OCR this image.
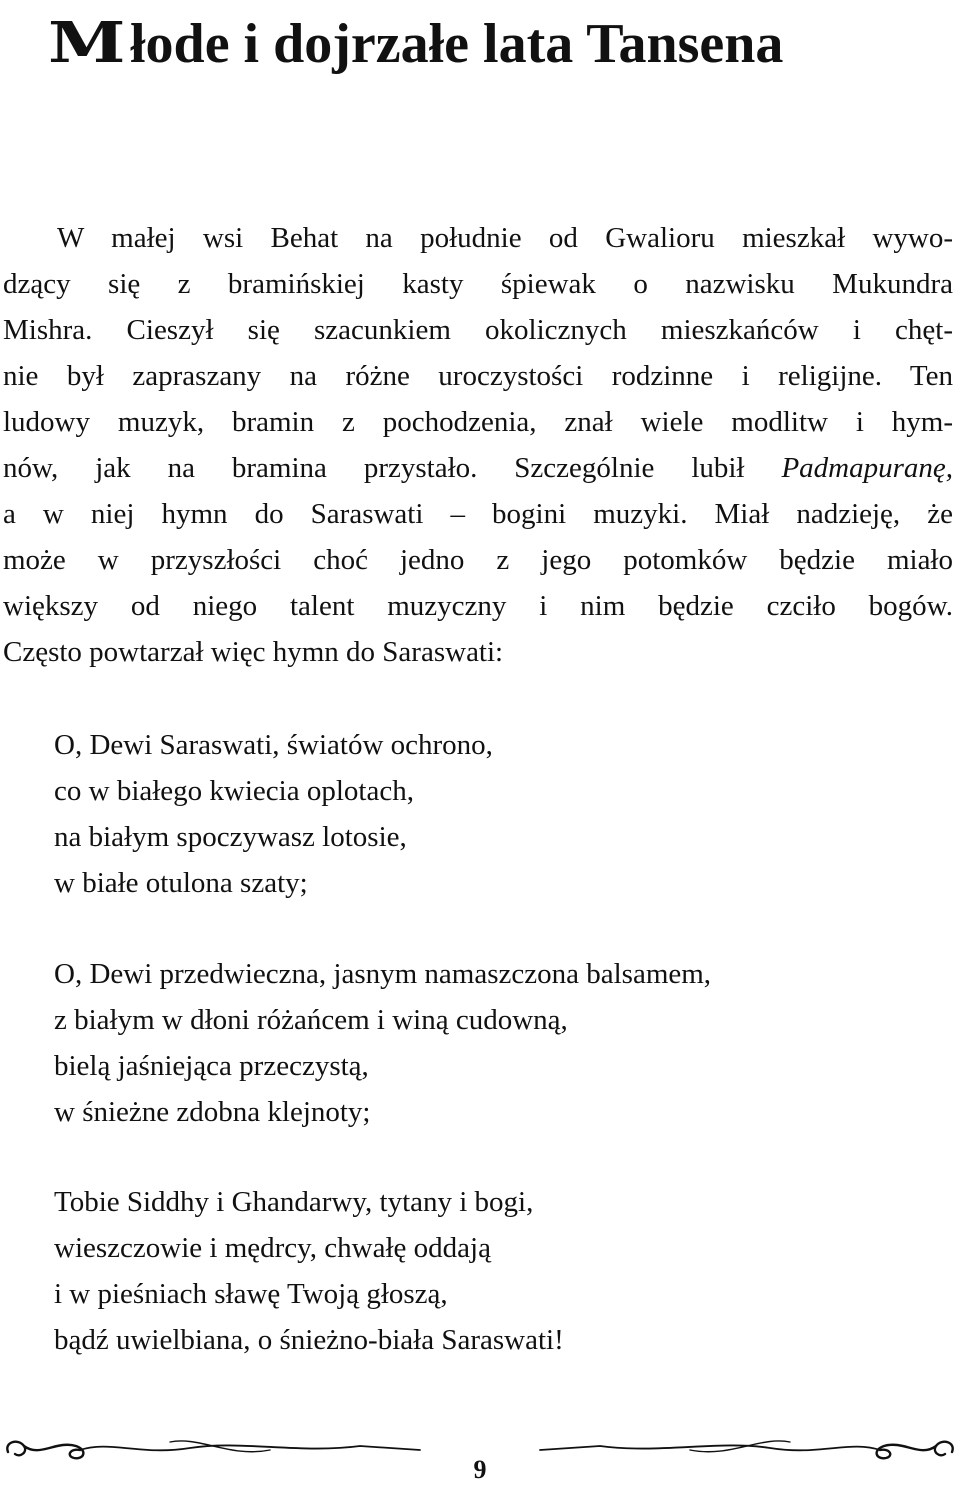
M łode i dojrzałe lata Tansena

W małej wsi Behat na południe od Gwalioru mieszkał wywo-

dzący się z bramińskiej kasty śpiewak o nazwisku Mukundra

Mishra. Cieszył się szacunkiem okolicznych mieszkańców i chęt-

nie był zapraszany na różne uroczystości rodzinne i religijne. Ten

ludowy muzyk, bramin z pochodzenia, znał wiele modlitw i hym-

nów, jak na bramina przystało. Szczególnie lubił Padmapuranę,

a w niej hymn do Saraswati – bogini muzyki. Miał nadzieję, że

może w przyszłości choć jedno z jego potomków będzie miało

większy od niego talent muzyczny i nim będzie czciło bogów.

Często powtarzał więc hymn do Saraswati:

O, Dewi Saraswati, światów ochrono,

co w białego kwiecia oplotach,

na białym spoczywasz lotosie,

w białe otulona szaty;

O, Dewi przedwieczna, jasnym namaszczona balsamem,

z białym w dłoni różańcem i winą cudowną,

bielą jaśniejąca przeczystą,

w śnieżne zdobna klejnoty;

Tobie Siddhy i Ghandarwy, tytany i bogi,

wieszczowie i mędrcy, chwałę oddają

i w pieśniach sławę Twoją głoszą,

bądź uwielbiana, o śnieżno-biała Saraswati!

9
